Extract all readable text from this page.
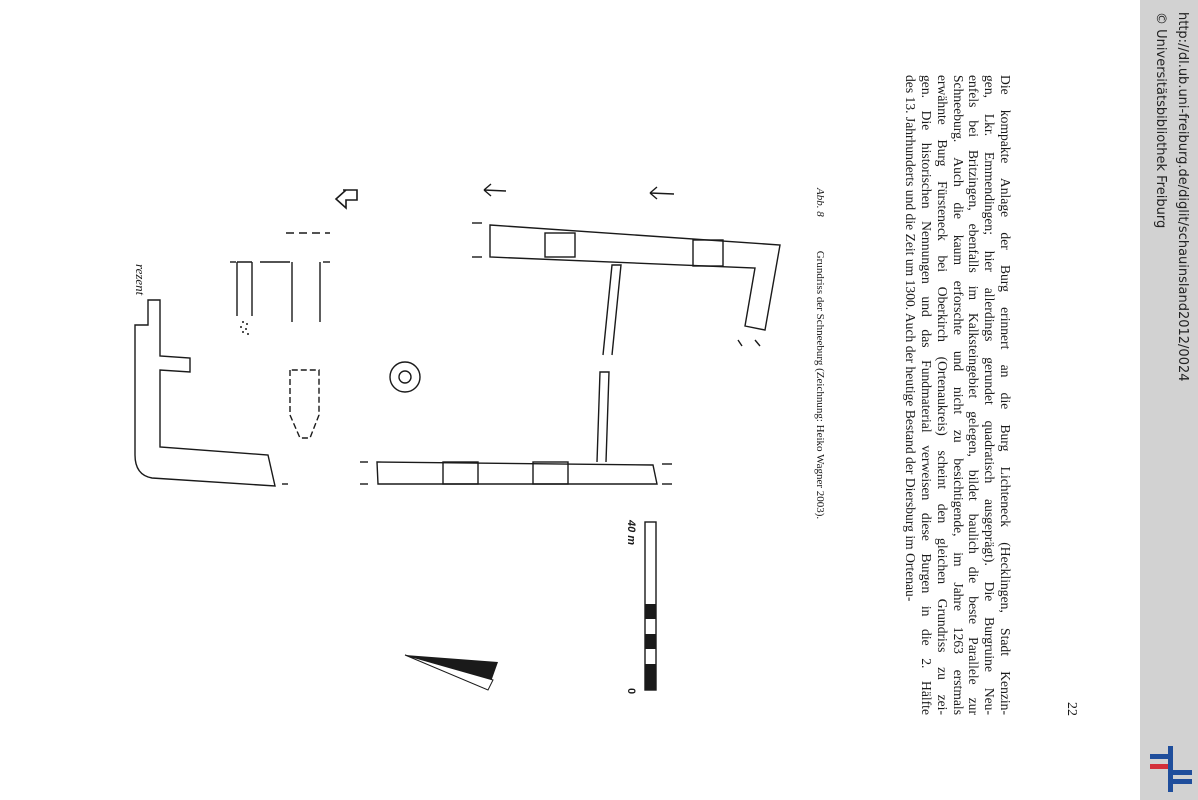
rezent
0
40 m
Abb. 8Grundriss der Schneeburg (Zeichnung: Heiko Wagner 2003).	Die kompakte Anlage der Burg erinnert an die Burg Lichteneck (Hecklingen, Stadt Kenzin-
gen, Lkr. Emmendingen; hier allerdings gerundet quadratisch ausgeprägt). Die Burgruine Neu-
enfels bei Britzingen, ebenfalls im Kalksteingebiet gelegen, bildet baulich die beste Parallele zur
Schneeburg. Auch die kaum erforschte und nicht zu besichtigende, im Jahre 1263 erstmals
erwähnte Burg Fürsteneck bei Oberkirch (Ortenaukreis) scheint den gleichen Grundriss zu zei-
gen. Die historischen Nennungen und das Fundmaterial verweisen diese Burgen in die 2. Hälfte
des 13. Jahrhunderts und die Zeit um 1300. Auch der heutige Bestand der Diersburg im Ortenau-
22
http://dl.ub.uni-freiburg.de/diglit/schauinsland2012/0024
© Universitätsbibliothek Freiburg
